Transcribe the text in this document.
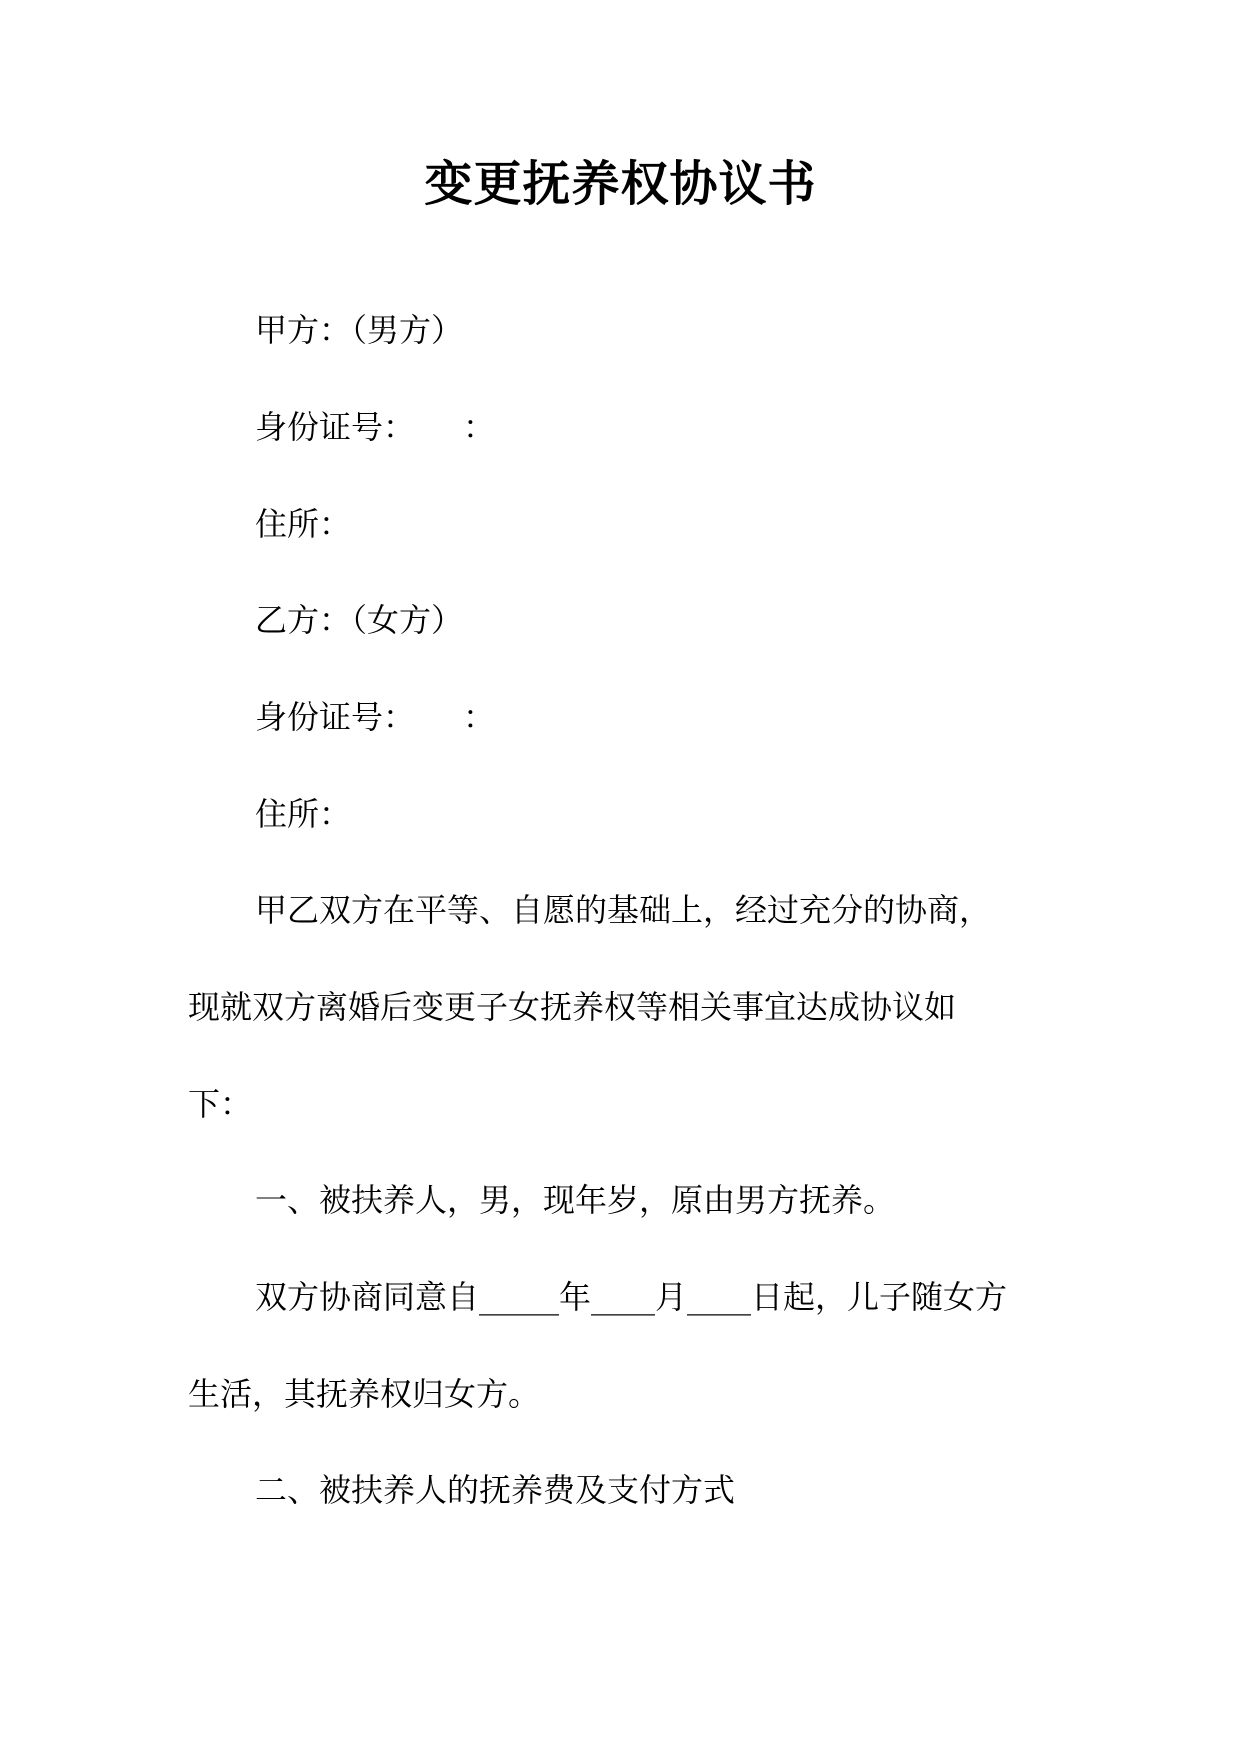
变更抚养权协议书
甲方：（男方）
身份证号：　　：
住所：
乙方：（女方）
身份证号：　　：
住所：
甲乙双方在平等、自愿的基础上，经过充分的协商，
现就双方离婚后变更子女抚养权等相关事宜达成协议如
下：
一、被扶养人，男，现年岁，原由男方抚养。
双方协商同意自_____年____月____日起，儿子随女方
生活，其抚养权归女方。
二、被扶养人的抚养费及支付方式
